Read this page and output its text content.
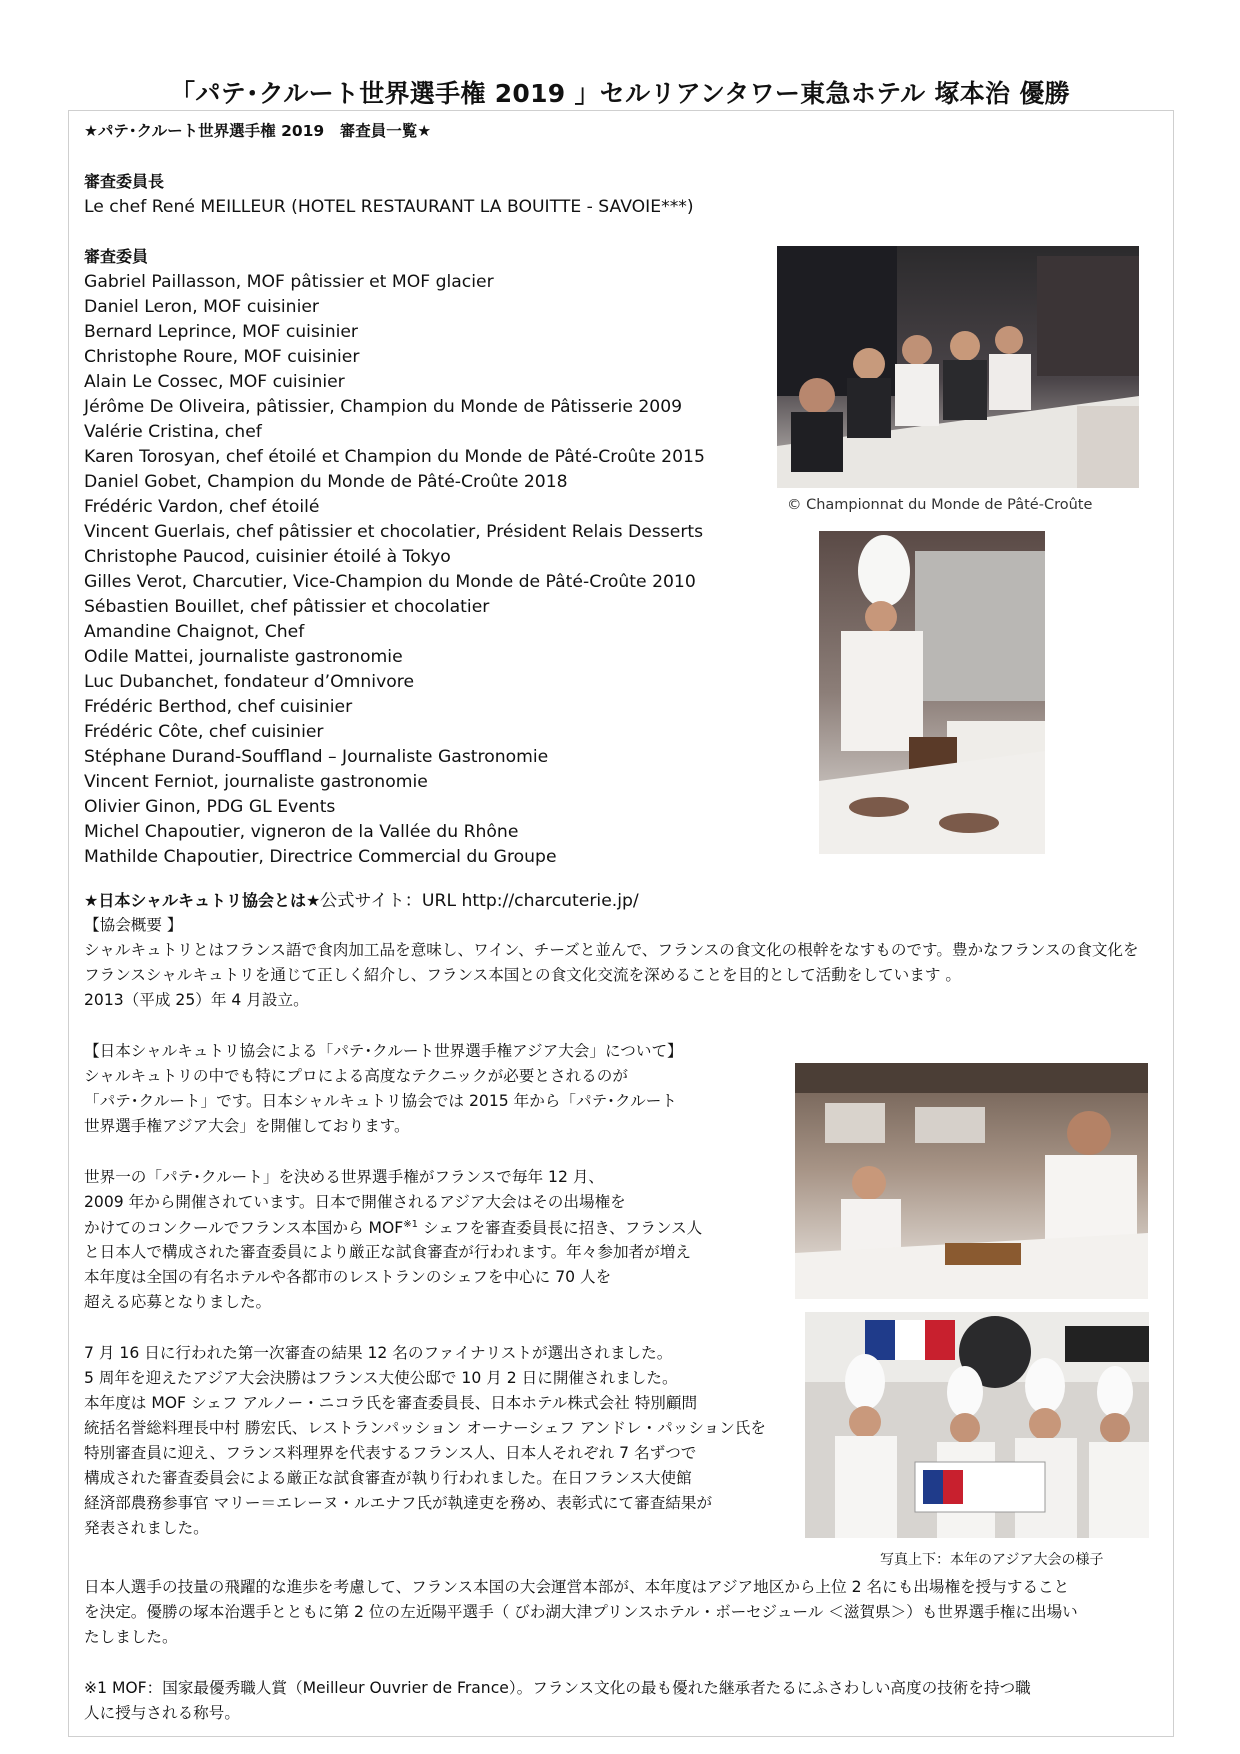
「パテ･クルート世界選手権 2019 」セルリアンタワー東急ホテル 塚本治 優勝
★パテ･クルート世界選手権 2019　審査員一覧★
審査委員長
Le chef René MEILLEUR (HOTEL RESTAURANT LA BOUITTE - SAVOIE***)
審査委員
Gabriel Paillasson, MOF pâtissier et MOF glacier
Daniel Leron, MOF cuisinier
Bernard Leprince, MOF cuisinier
Christophe Roure, MOF cuisinier
Alain Le Cossec, MOF cuisinier
Jérôme De Oliveira, pâtissier, Champion du Monde de Pâtisserie 2009
Valérie Cristina, chef
Karen Torosyan, chef étoilé et Champion du Monde de Pâté-Croûte 2015
Daniel Gobet, Champion du Monde de Pâté-Croûte 2018
Frédéric Vardon, chef étoilé
Vincent Guerlais, chef pâtissier et chocolatier, Président Relais Desserts
Christophe Paucod, cuisinier étoilé à Tokyo
Gilles Verot, Charcutier, Vice-Champion du Monde de Pâté-Croûte 2010
Sébastien Bouillet, chef pâtissier et chocolatier
Amandine Chaignot, Chef
Odile Mattei, journaliste gastronomie
Luc Dubanchet, fondateur d’Omnivore
Frédéric Berthod, chef cuisinier
Frédéric Côte, chef cuisinier
Stéphane Durand-Souffland – Journaliste Gastronomie
Vincent Ferniot, journaliste gastronomie
Olivier Ginon, PDG GL Events
Michel Chapoutier, vigneron de la Vallée du Rhône
Mathilde Chapoutier, Directrice Commercial du Groupe
© Championnat du Monde de Pâté-Croûte
★日本シャルキュトリ協会とは★ 公式サイト：URL http://charcuterie.jp/
【協会概要 】
シャルキュトリとはフランス語で食肉加工品を意味し、ワイン、チーズと並んで、フランスの食文化の根幹をなすものです。豊かなフランスの食文化を
フランスシャルキュトリを通じて正しく紹介し、フランス本国との食文化交流を深めることを目的として活動をしています 。
2013（平成 25）年 4 月設立。
【日本シャルキュトリ協会による「パテ･クルート世界選手権アジア大会」について】
シャルキュトリの中でも特にプロによる高度なテクニックが必要とされるのが
「パテ･クルート」です。日本シャルキュトリ協会では 2015 年から「パテ･クルート
世界選手権アジア大会」を開催しております。
世界一の「パテ･クルート」を決める世界選手権がフランスで毎年 12 月、
2009 年から開催されています。日本で開催されるアジア大会はその出場権を
かけてのコンクールでフランス本国から MOF$^{※1}$ シェフを審査委員長に招き、フランス人
と日本人で構成された審査委員により厳正な試食審査が行われます。年々参加者が増え
本年度は全国の有名ホテルや各都市のレストランのシェフを中心に 70 人を
超える応募となりました。
7 月 16 日に行われた第一次審査の結果 12 名のファイナリストが選出されました。
5 周年を迎えたアジア大会決勝はフランス大使公邸で 10 月 2 日に開催されました。
本年度は MOF シェフ アルノー・ニコラ氏を審査委員長、日本ホテル株式会社 特別顧問
統括名誉総料理長中村 勝宏氏、レストランパッション オーナーシェフ アンドレ・パッション氏を
特別審査員に迎え、フランス料理界を代表するフランス人、日本人それぞれ 7 名ずつで
構成された審査委員会による厳正な試食審査が執り行われました。在日フランス大使館
経済部農務参事官 マリー＝エレーヌ・ルエナフ氏が執達吏を務め、表彰式にて審査結果が
発表されました。
写真上下：本年のアジア大会の様子
日本人選手の技量の飛躍的な進歩を考慮して、フランス本国の大会運営本部が、本年度はアジア地区から上位 2 名にも出場権を授与すること
を決定。優勝の塚本治選手とともに第 2 位の左近陽平選手（ びわ湖大津プリンスホテル・ボーセジュール ＜滋賀県＞）も世界選手権に出場い
たしました。
※1 MOF：国家最優秀職人賞（Meilleur Ouvrier de France）。フランス文化の最も優れた継承者たるにふさわしい高度の技術を持つ職
人に授与される称号。
